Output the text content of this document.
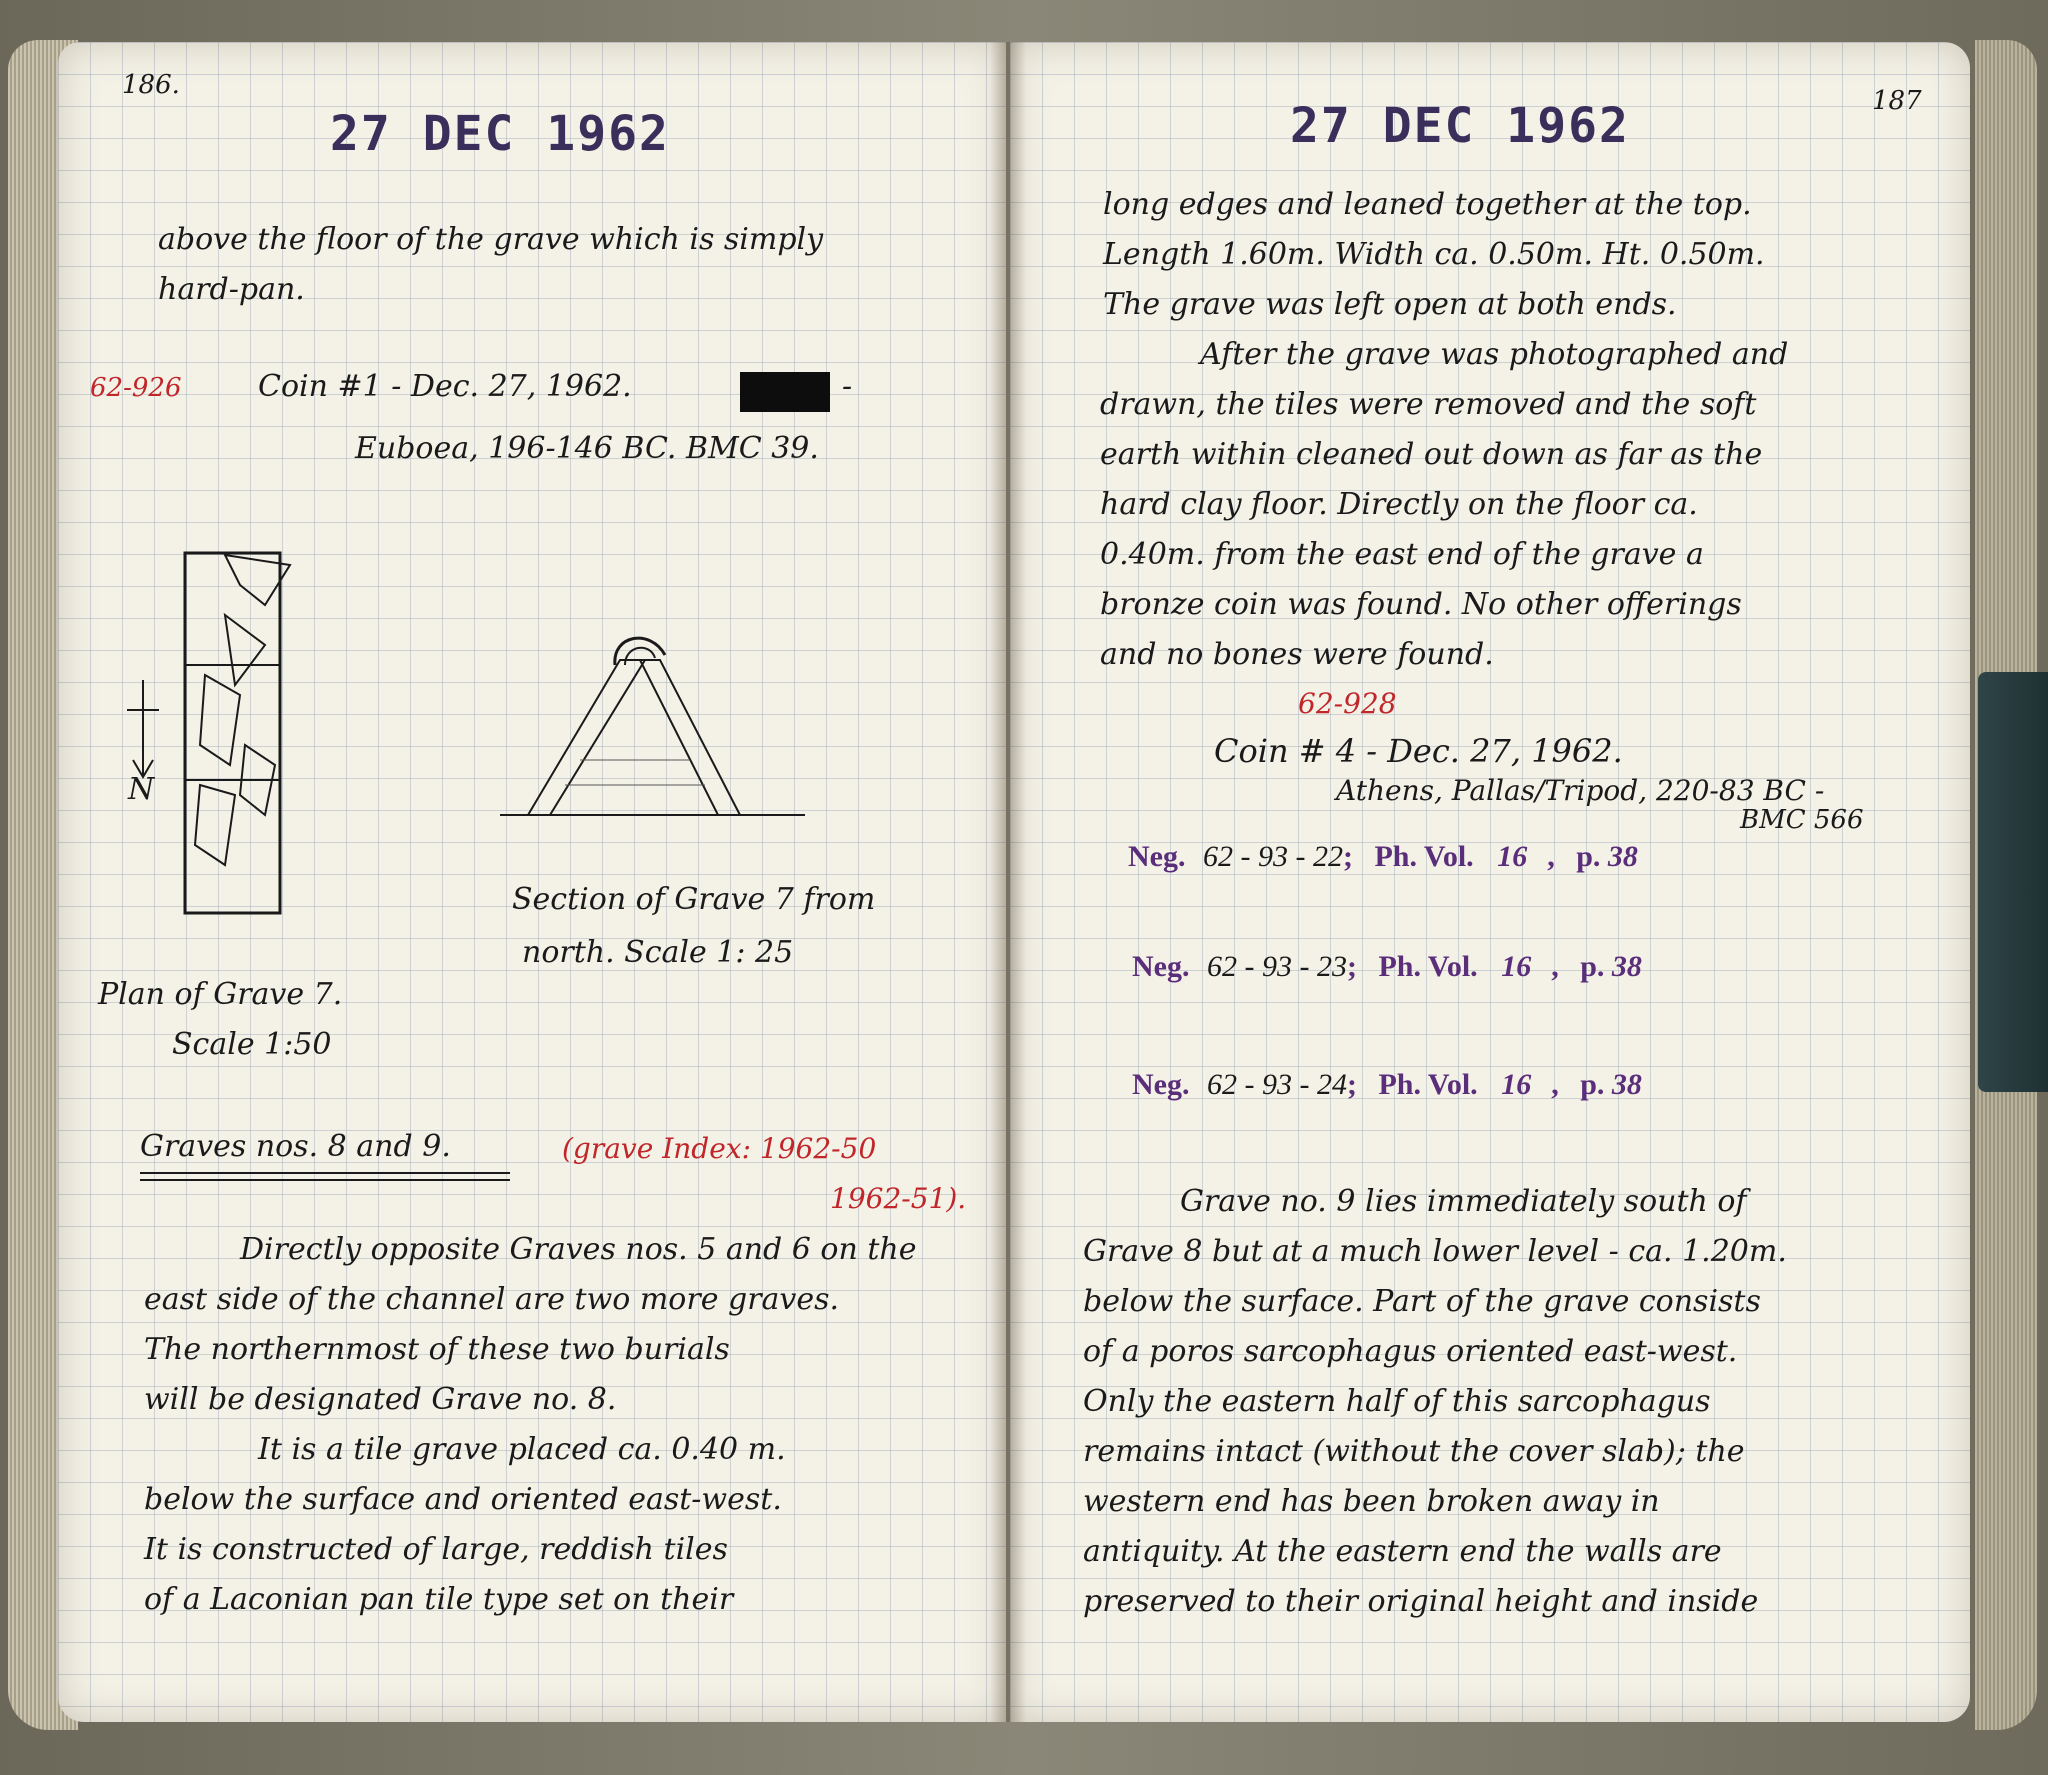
186.
27 DEC 1962
above the floor of the grave which is simply
hard-pan.
62-926	Coin #1 - Dec. 27, 1962.	-
Euboea, 196-146 BC. BMC 39.
N
Section of Grave 7 from
north. Scale 1: 25
Plan of Grave 7.
Scale 1:50
Graves nos. 8 and 9.	(grave Index: 1962-50
1962-51).
Directly opposite Graves nos. 5 and 6 on the
east side of the channel are two more graves.
The northernmost of these two burials
will be designated Grave no. 8.
It is a tile grave placed ca. 0.40 m.
below the surface and oriented east-west.
It is constructed of large, reddish tiles
of a Laconian pan tile type set on their
187
27 DEC 1962
long edges and leaned together at the top.
Length 1.60m. Width ca. 0.50m. Ht. 0.50m.
The grave was left open at both ends.
After the grave was photographed and
drawn, the tiles were removed and the soft
earth within cleaned out down as far as the
hard clay floor. Directly on the floor ca.
0.40m. from the east end of the grave a
bronze coin was found. No other offerings
and no bones were found.
62-928
Coin # 4 - Dec. 27, 1962.
Athens, Pallas/Tripod, 220-83 BC -
BMC 566
Neg. 62 - 93 - 22; Ph. Vol. 16 , p. 38
Neg. 62 - 93 - 23; Ph. Vol. 16 , p. 38
Neg. 62 - 93 - 24; Ph. Vol. 16 , p. 38
Grave no. 9 lies immediately south of
Grave 8 but at a much lower level - ca. 1.20m.
below the surface. Part of the grave consists
of a poros sarcophagus oriented east-west.
Only the eastern half of this sarcophagus
remains intact (without the cover slab); the
western end has been broken away in
antiquity. At the eastern end the walls are
preserved to their original height and inside
